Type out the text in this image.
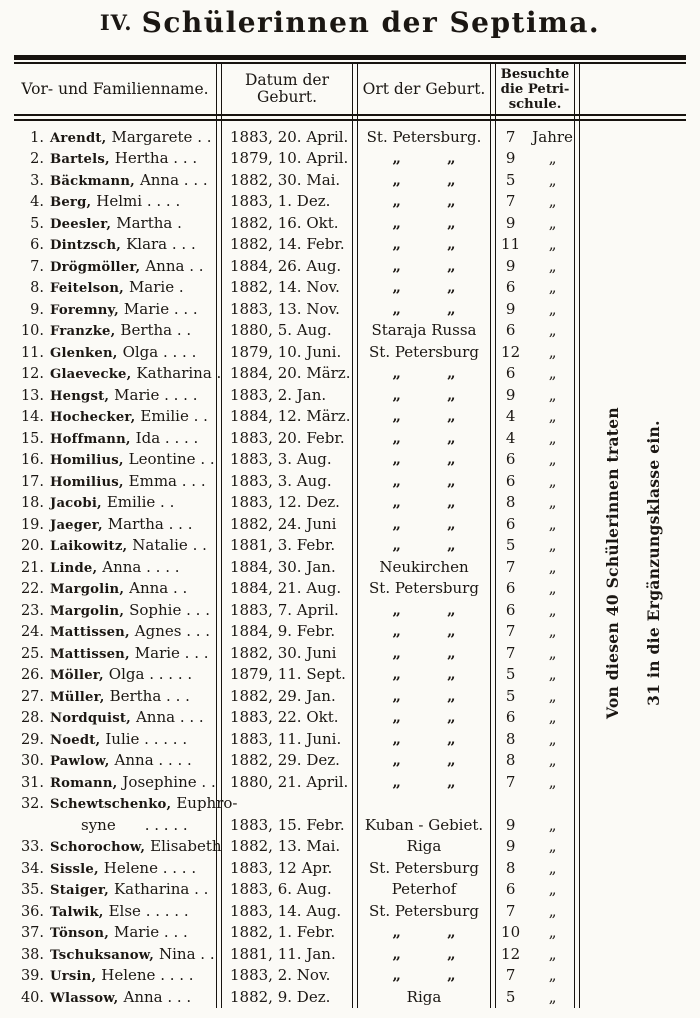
IV. Schülerinnen der Septima.
Vor- und Familienname.	Datum der
Geburt.	Ort der Geburt.
Besuchte
die Petri-
schule.
1. Arendt, Margarete . .	1883, 20. April. St. Petersburg.	7	Jahre
2. Bartels, Hertha . . .	1879, 10. April.	„	„	9	„
3. Bäckmann, Anna . . .	1882, 30. Mai.	„	„	5	„
4. Berg, Helmi . . . .	1883, 1. Dez.	„	„	7	„
5. Deesler, Martha .	1882, 16. Okt.	„	„	9	„
6. Dintzsch, Klara . . .	1882, 14. Febr.	„	„	11	„
7. Drögmöller, Anna . .	1884, 26. Aug.	„	„	9	„
8. Feitelson, Marie .	1882, 14. Nov.	„	„	6	„
9. Foremny, Marie . . .	1883, 13. Nov.	„	„	9	„
10. Franzke, Bertha . .	1880, 5. Aug.	Staraja Russa	6	„
11. Glenken, Olga . . . .	1879, 10. Juni.	St. Petersburg	12	„
12. Glaevecke, Katharina . 1884, 20. März.	„	„	6	„
13. Hengst, Marie . . . .	1883, 2. Jan.	„	„	9	„
14. Hochecker, Emilie . .	1884, 12. März.	„	„	4	„
15. Hoffmann, Ida . . . .	1883, 20. Febr.	„	„	4	„
16. Homilius, Leontine . .	1883, 3. Aug.	„	„	6	„
17. Homilius, Emma . . .	1883, 3. Aug.	„	„	6	„
18. Jacobi, Emilie . .	1883, 12. Dez.	„	„	8	„
19. Jaeger, Martha . . .	1882, 24. Juni	„	„	6	„
20. Laikowitz, Natalie . .	1881, 3. Febr.	„	„	5	„
21. Linde, Anna . . . .	1884, 30. Jan.	Neukirchen	7	„
22. Margolin, Anna . .	1884, 21. Aug.	St. Petersburg	6	„
23. Margolin, Sophie . . .	1883, 7. April.	„	„	6	„
24. Mattissen, Agnes . . .	1884, 9. Febr.	„	„	7	„
25. Mattissen, Marie . . .	1882, 30. Juni	„	„	7	„
26. Möller, Olga . . . . .	1879, 11. Sept.	„	„	5	„
27. Müller, Bertha . . .	1882, 29. Jan.	„	„	5	„
28. Nordquist, Anna . . .	1883, 22. Okt.	„	„	6	„
29. Noedt, Iulie . . . . .	1883, 11. Juni.	„	„	8	„
30. Pawlow, Anna . . . .	1882, 29. Dez.	„	„	8	„
31. Romann, Josephine . . 1880, 21. April.	„	„	7	„
32. Schewtschenko, Euphro-
syne . . . . .	1883, 15. Febr.	Kuban - Gebiet.	9	„
33. Schorochow, Elisabeth 1882, 13. Mai.	Riga	9	„
34. Sissle, Helene . . . .	1883, 12 Apr.	St. Petersburg	8	„
35. Staiger, Katharina . .	1883, 6. Aug.	Peterhof	6	„
36. Talwik, Else . . . . .	1883, 14. Aug.	St. Petersburg	7	„
37. Tönson, Marie . . .	1882, 1. Febr.	„	„	10	„
38. Tschuksanow, Nina . .	1881, 11. Jan.	„	„	12	„
39. Ursin, Helene . . . .	1883, 2. Nov.	„	„	7	„
40. Wlassow, Anna . . .	1882, 9. Dez.	Riga	5	„
Von diesen 40 Schülerinnen traten 31 in die Ergänzungsklasse ein.
